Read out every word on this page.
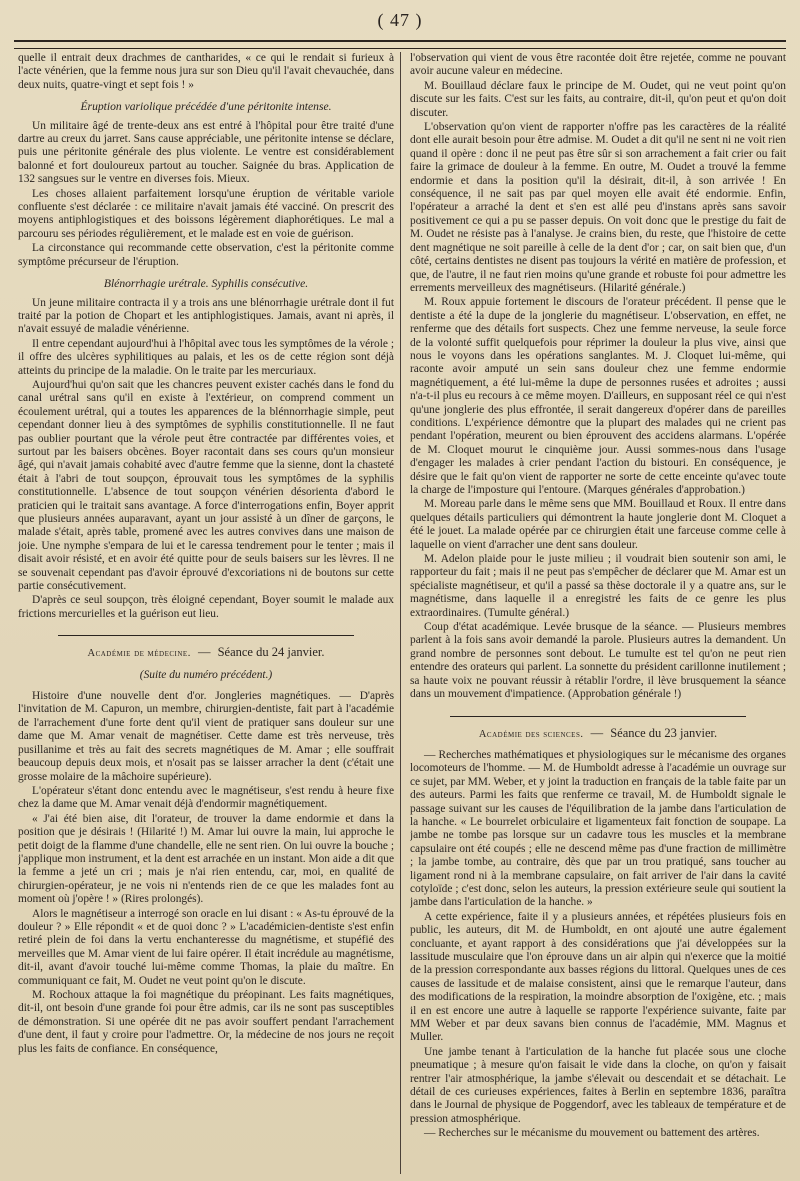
( 47 )

quelle il entrait deux drachmes de cantharides, « ce qui le rendait si furieux à l'acte vénérien, que la femme nous jura sur son Dieu qu'il l'avait chevauchée, dans deux nuits, quatre-vingt et sept fois ! »

Éruption variolique précédée d'une péritonite intense.

Un militaire âgé de trente-deux ans est entré à l'hôpital pour être traité d'une dartre au creux du jarret. Sans cause appréciable, une péritonite intense se déclare, puis une péritonite générale des plus violente. Le ventre est considérablement balonné et fort douloureux partout au toucher. Saignée du bras. Application de 132 sangsues sur le ventre en diverses fois. Mieux.

Les choses allaient parfaitement lorsqu'une éruption de véritable variole confluente s'est déclarée : ce militaire n'avait jamais été vacciné. On prescrit des moyens antiphlogistiques et des boissons légèrement diaphorétiques. Le mal a parcouru ses périodes régulièrement, et le malade est en voie de guérison.

La circonstance qui recommande cette observation, c'est la péritonite comme symptôme précurseur de l'éruption.

Blénorrhagie urétrale. Syphilis consécutive.

Un jeune militaire contracta il y a trois ans une blénorrhagie urétrale dont il fut traité par la potion de Chopart et les antiphlogistiques. Jamais, avant ni après, il n'avait essuyé de maladie vénérienne.

Il entre cependant aujourd'hui à l'hôpital avec tous les symptômes de la vérole ; il offre des ulcères syphilitiques au palais, et les os de cette région sont déjà atteints du principe de la maladie. On le traite par les mercuriaux.

Aujourd'hui qu'on sait que les chancres peuvent exister cachés dans le fond du canal urétral sans qu'il en existe à l'extérieur, on comprend comment un écoulement urétral, qui a toutes les apparences de la blénnorrhagie simple, peut cependant donner lieu à des symptômes de syphilis constitutionnelle. Il ne faut pas oublier pourtant que la vérole peut être contractée par différentes voies, et surtout par les baisers obcènes. Boyer racontait dans ses cours qu'un monsieur âgé, qui n'avait jamais cohabité avec d'autre femme que la sienne, dont la chasteté était à l'abri de tout soupçon, éprouvait tous les symptômes de la syphilis constitutionnelle. L'absence de tout soupçon vénérien désorienta d'abord le praticien qui le traitait sans avantage. A force d'interrogations enfin, Boyer apprit que plusieurs années auparavant, ayant un jour assisté à un dîner de garçons, le malade s'était, après table, promené avec les autres convives dans une maison de joie. Une nymphe s'empara de lui et le caressa tendrement pour le tenter ; mais il disait avoir résisté, et en avoir été quitte pour de seuls baisers sur les lèvres. Il ne se souvenait cependant pas d'avoir éprouvé d'excoriations ni de boutons sur cette partie consécutivement.

D'après ce seul soupçon, très éloigné cependant, Boyer soumit le malade aux frictions mercurielles et la guérison eut lieu.

Académie de médecine. — Séance du 24 janvier.
(Suite du numéro précédent.)

Histoire d'une nouvelle dent d'or. Jongleries magnétiques. — D'après l'invitation de M. Capuron, un membre, chirurgien-dentiste, fait part à l'académie de l'arrachement d'une forte dent qu'il vient de pratiquer sans douleur sur une dame que M. Amar venait de magnétiser. Cette dame est très nerveuse, très pusillanime et très au fait des secrets magnétiques de M. Amar ; elle souffrait beaucoup depuis deux mois, et n'osait pas se laisser arracher la dent (c'était une grosse molaire de la mâchoire supérieure).

L'opérateur s'étant donc entendu avec le magnétiseur, s'est rendu à heure fixe chez la dame que M. Amar venait déjà d'endormir magnétiquement.

« J'ai été bien aise, dit l'orateur, de trouver la dame endormie et dans la position que je désirais ! (Hilarité !) M. Amar lui ouvre la main, lui approche le petit doigt de la flamme d'une chandelle, elle ne sent rien. On lui ouvre la bouche ; j'applique mon instrument, et la dent est arrachée en un instant. Mon aide a dit que la femme a jeté un cri ; mais je n'ai rien entendu, car, moi, en qualité de chirurgien-opérateur, je ne vois ni n'entends rien de ce que les malades font au moment où j'opère ! » (Rires prolongés).

Alors le magnétiseur a interrogé son oracle en lui disant : « As-tu éprouvé de la douleur ? » Elle répondit « et de quoi donc ? » L'académicien-dentiste s'est enfin retiré plein de foi dans la vertu enchanteresse du magnétisme, et stupéfié des merveilles que M. Amar vient de lui faire opérer. Il était incrédule au magnétisme, dit-il, avant d'avoir touché lui-même comme Thomas, la plaie du maître. En communiquant ce fait, M. Oudet ne veut point qu'on le discute.

M. Rochoux attaque la foi magnétique du préopinant. Les faits magnétiques, dit-il, ont besoin d'une grande foi pour être admis, car ils ne sont pas susceptibles de démonstration. Si une opérée dit ne pas avoir souffert pendant l'arrachement d'une dent, il faut y croire pour l'admettre. Or, la médecine de nos jours ne reçoit plus les faits de confiance. En conséquence,

l'observation qui vient de vous être racontée doit être rejetée, comme ne pouvant avoir aucune valeur en médecine.

M. Bouillaud déclare faux le principe de M. Oudet, qui ne veut point qu'on discute sur les faits. C'est sur les faits, au contraire, dit-il, qu'on peut et qu'on doit discuter.

L'observation qu'on vient de rapporter n'offre pas les caractères de la réalité dont elle aurait besoin pour être admise. M. Oudet a dit qu'il ne sent ni ne voit rien quand il opère : donc il ne peut pas être sûr si son arrachement a fait crier ou fait faire la grimace de douleur à la femme. En outre, M. Oudet a trouvé la femme endormie et dans la position qu'il la désirait, dit-il, à son arrivée ! En conséquence, il ne sait pas par quel moyen elle avait été endormie. Enfin, l'opérateur a arraché la dent et s'en est allé peu d'instans après sans savoir positivement ce qui a pu se passer depuis. On voit donc que le prestige du fait de M. Oudet ne résiste pas à l'analyse. Je crains bien, du reste, que l'histoire de cette dent magnétique ne soit pareille à celle de la dent d'or ; car, on sait bien que, d'un côté, certains dentistes ne disent pas toujours la vérité en matière de profession, et que, de l'autre, il ne faut rien moins qu'une grande et robuste foi pour admettre les errements merveilleux des magnétiseurs. (Hilarité générale.)

M. Roux appuie fortement le discours de l'orateur précédent. Il pense que le dentiste a été la dupe de la jonglerie du magnétiseur. L'observation, en effet, ne renferme que des détails fort suspects. Chez une femme nerveuse, la seule force de la volonté suffit quelquefois pour réprimer la douleur la plus vive, ainsi que nous le voyons dans les opérations sanglantes. M. J. Cloquet lui-même, qui raconte avoir amputé un sein sans douleur chez une femme endormie magnétiquement, a été lui-même la dupe de personnes rusées et adroites ; aussi n'a-t-il plus eu recours à ce même moyen. D'ailleurs, en supposant réel ce qui n'est qu'une jonglerie des plus effrontée, il serait dangereux d'opérer dans de pareilles conditions. L'expérience démontre que la plupart des malades qui ne crient pas pendant l'opération, meurent ou bien éprouvent des accidens alarmans. L'opérée de M. Cloquet mourut le cinquième jour. Aussi sommes-nous dans l'usage d'engager les malades à crier pendant l'action du bistouri. En conséquence, je désire que le fait qu'on vient de rapporter ne sorte de cette enceinte qu'avec toute la charge de l'imposture qui l'entoure. (Marques générales d'approbation.)

M. Moreau parle dans le même sens que MM. Bouillaud et Roux. Il entre dans quelques détails particuliers qui démontrent la haute jonglerie dont M. Cloquet a été le jouet. La malade opérée par ce chirurgien était une farceuse comme celle à laquelle on vient d'arracher une dent sans douleur.

M. Adelon plaide pour le juste milieu ; il voudrait bien soutenir son ami, le rapporteur du fait ; mais il ne peut pas s'empêcher de déclarer que M. Amar est un spécialiste magnétiseur, et qu'il a passé sa thèse doctorale il y a quatre ans, sur le magnétisme, dans laquelle il a enregistré les faits de ce genre les plus extraordinaires. (Tumulte général.)

Coup d'état académique. Levée brusque de la séance. — Plusieurs membres parlent à la fois sans avoir demandé la parole. Plusieurs autres la demandent. Un grand nombre de personnes sont debout. Le tumulte est tel qu'on ne peut rien entendre des orateurs qui parlent. La sonnette du président carillonne inutilement ; sa haute voix ne pouvant réussir à rétablir l'ordre, il lève brusquement la séance dans un mouvement d'impatience. (Approbation générale !)

Académie des sciences. — Séance du 23 janvier.

— Recherches mathématiques et physiologiques sur le mécanisme des organes locomoteurs de l'homme. — M. de Humboldt adresse à l'académie un ouvrage sur ce sujet, par MM. Weber, et y joint la traduction en français de la table faite par un des auteurs. Parmi les faits que renferme ce travail, M. de Humboldt signale le passage suivant sur les causes de l'équilibration de la jambe dans l'articulation de la hanche. « Le bourrelet orbiculaire et ligamenteux fait fonction de soupape. La jambe ne tombe pas lorsque sur un cadavre tous les muscles et la membrane capsulaire ont été coupés ; elle ne descend même pas d'une fraction de millimètre ; la jambe tombe, au contraire, dès que par un trou pratiqué, sans toucher au ligament rond ni à la membrane capsulaire, on fait arriver de l'air dans la cavité cotyloïde ; c'est donc, selon les auteurs, la pression extérieure seule qui soutient la jambe dans l'articulation de la hanche. »

A cette expérience, faite il y a plusieurs années, et répétées plusieurs fois en public, les auteurs, dit M. de Humboldt, en ont ajouté une autre également concluante, et ayant rapport à des considérations que j'ai développées sur la lassitude musculaire que l'on éprouve dans un air alpin qui n'exerce que la moitié de la pression correspondante aux basses régions du littoral. Quelques unes de ces causes de lassitude et de malaise consistent, ainsi que le remarque l'auteur, dans des modifications de la respiration, la moindre absorption de l'oxigène, etc. ; mais il en est encore une autre à laquelle se rapporte l'expérience suivante, faite par MM Weber et par deux savans bien connus de l'académie, MM. Magnus et Muller.

Une jambe tenant à l'articulation de la hanche fut placée sous une cloche pneumatique ; à mesure qu'on faisait le vide dans la cloche, on qu'on y faisait rentrer l'air atmosphérique, la jambe s'élevait ou descendait et se détachait. Le détail de ces curieuses expériences, faites à Berlin en septembre 1836, paraîtra dans le Journal de physique de Poggendorf, avec les tableaux de température et de pression atmosphérique.

— Recherches sur le mécanisme du mouvement ou battement des artères.
